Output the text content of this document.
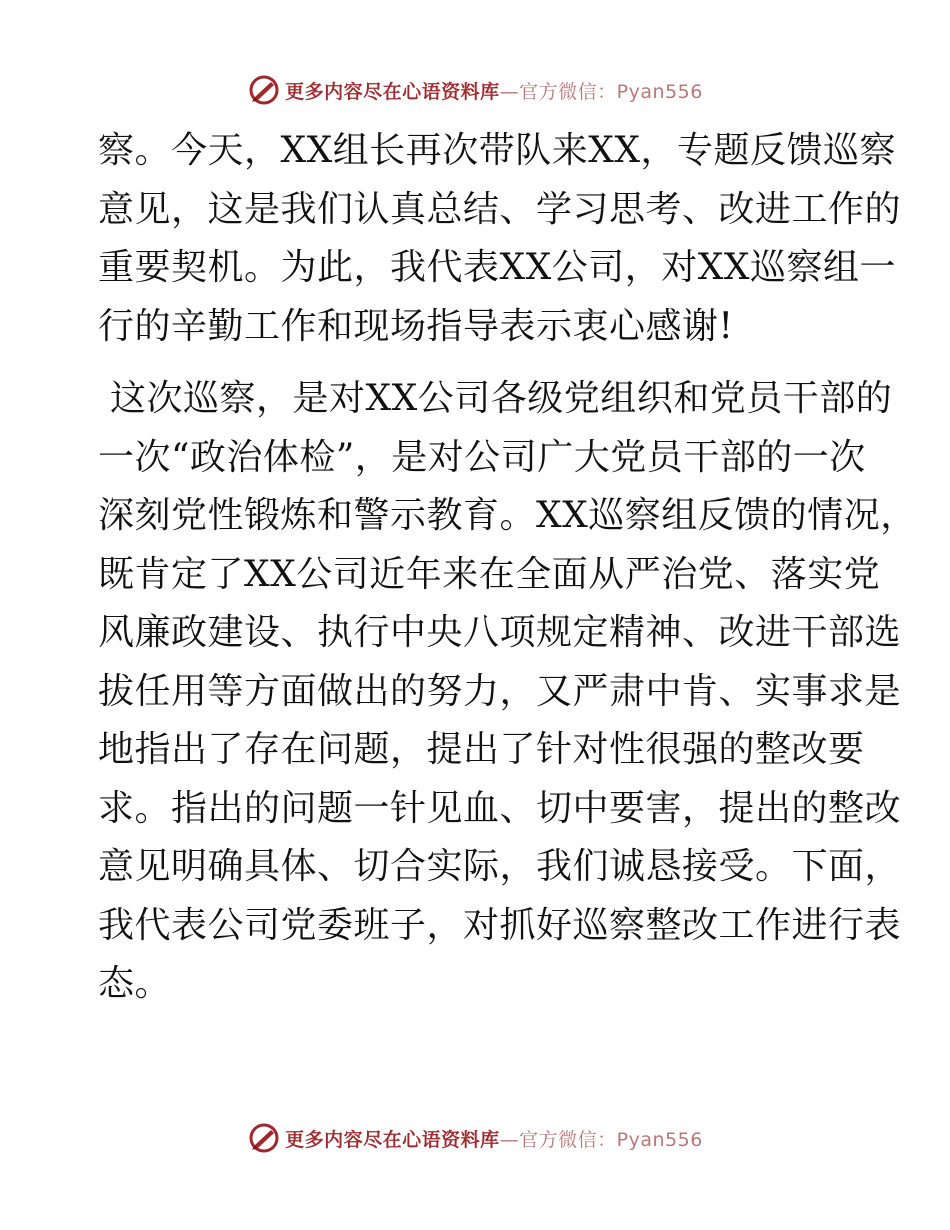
更多内容尽在心语资料库—官方微信：Pyan556

察。今天，XX组长再次带队来XX，专题反馈巡察
意见，这是我们认真总结、学习思考、改进工作的
重要契机。为此，我代表XX公司，对XX巡察组一
行的辛勤工作和现场指导表示衷心感谢!

这次巡察，是对XX公司各级党组织和党员干部的
一次“政治体检”，是对公司广大党员干部的一次
深刻党性锻炼和警示教育。XX巡察组反馈的情况，
既肯定了XX公司近年来在全面从严治党、落实党
风廉政建设、执行中央八项规定精神、改进干部选
拔任用等方面做出的努力，又严肃中肯、实事求是
地指出了存在问题，提出了针对性很强的整改要
求。指出的问题一针见血、切中要害，提出的整改
意见明确具体、切合实际，我们诚恳接受。下面，
我代表公司党委班子，对抓好巡察整改工作进行表
态。

更多内容尽在心语资料库—官方微信：Pyan556
